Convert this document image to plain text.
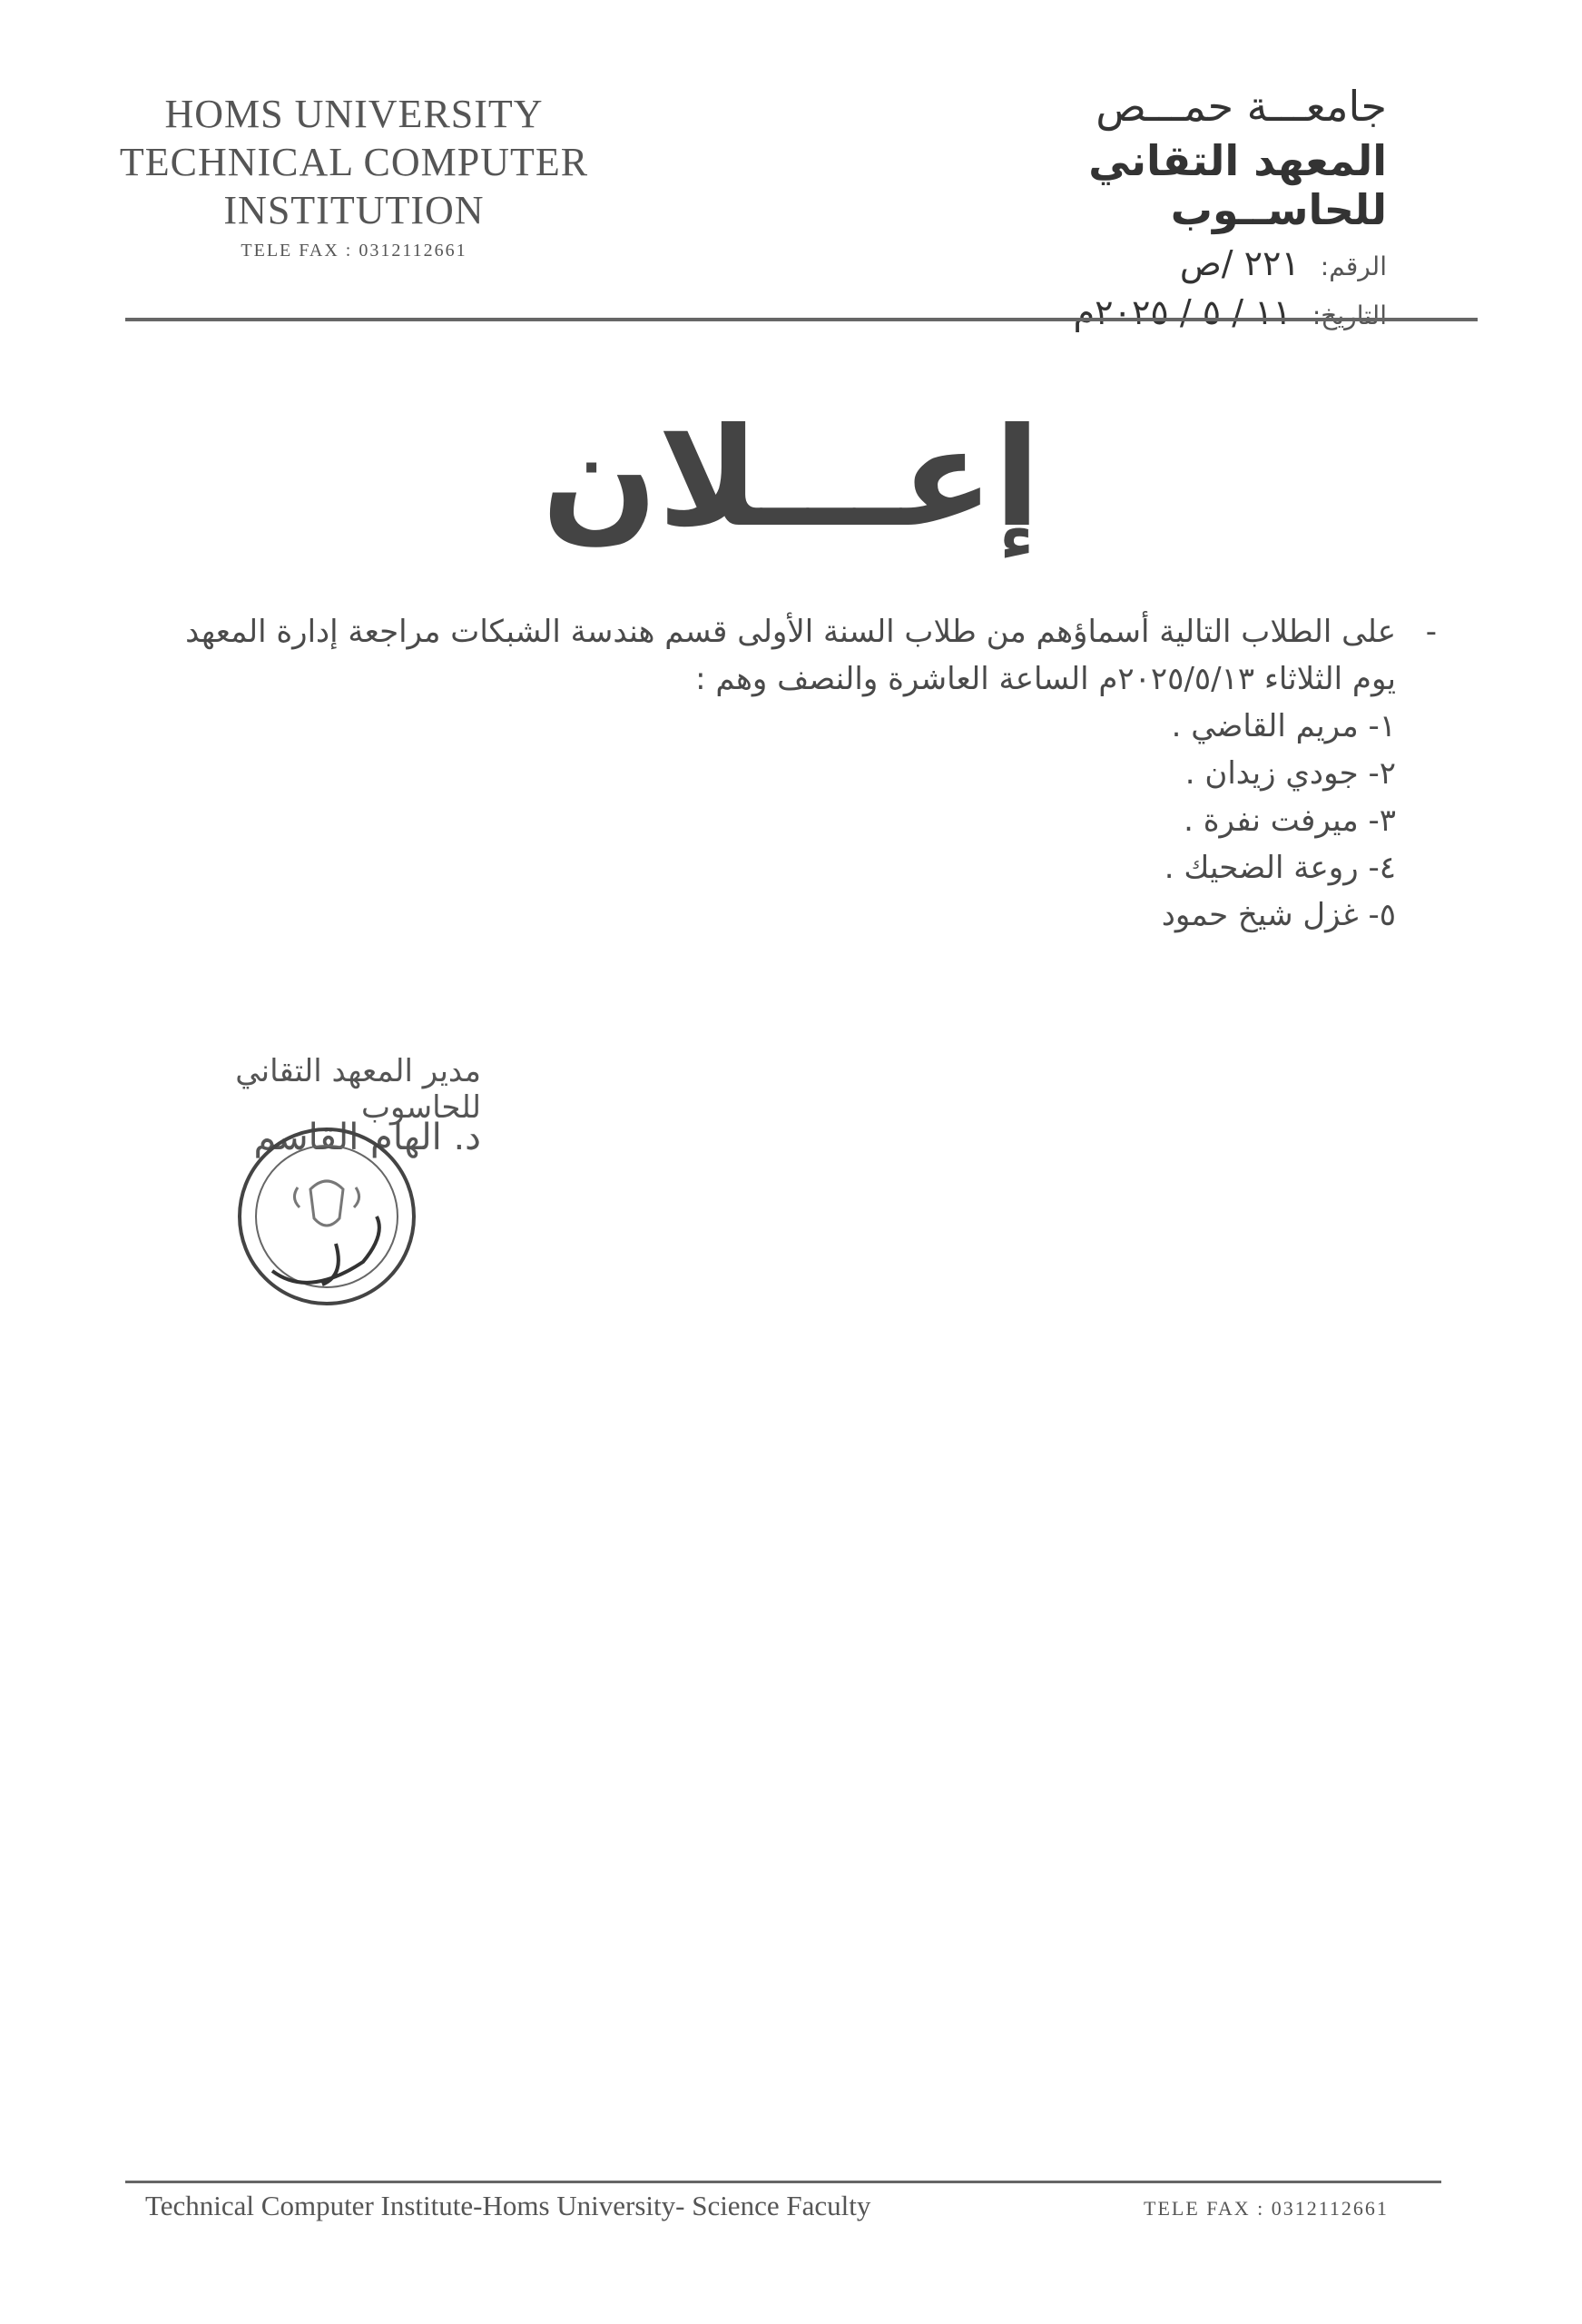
HOMS UNIVERSITY
TECHNICAL COMPUTER
INSTITUTION
TELE FAX : 0312112661
جامعـــة حمـــص
المعهد التقاني للحاســوب
الرقم: ٢٢١ /ص
التاريخ: ١١ / ٥ / ٢٠٢٥م
إعـــلان
-

على الطلاب التالية أسماؤهم من طلاب السنة الأولى قسم هندسة الشبكات مراجعة إدارة المعهد

يوم الثلاثاء ٢٠٢٥/٥/١٣م الساعة العاشرة والنصف وهم :

١- مريم القاضي .
٢- جودي زيدان .
٣- ميرفت نفرة .
٤- روعة الضحيك .
٥- غزل شيخ حمود
مدير المعهد التقاني للحاسوب
د. الهام القاسم
Technical Computer Institute-Homs University- Science Faculty	TELE FAX : 0312112661
